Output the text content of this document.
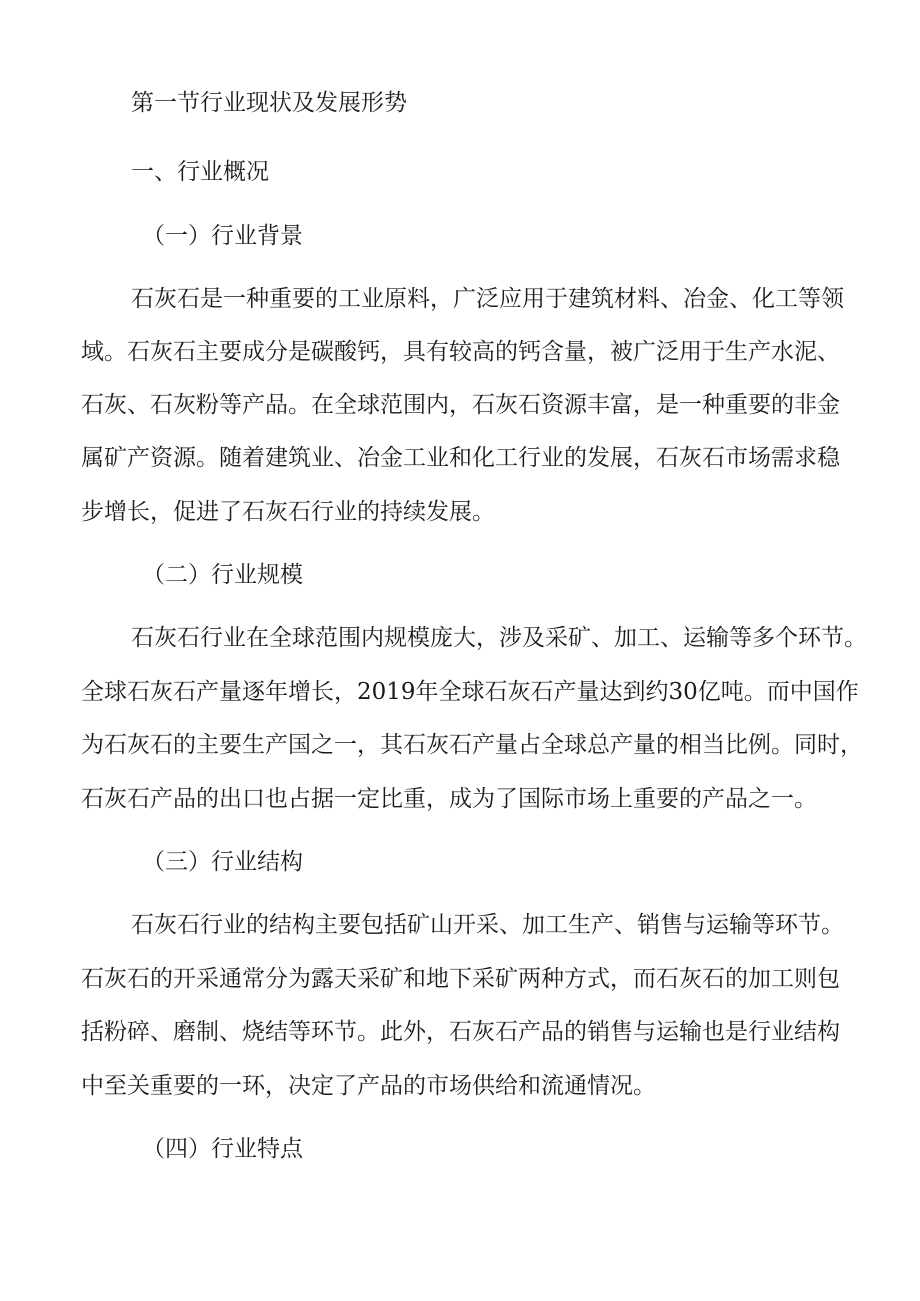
第一节行业现状及发展形势
一、行业概况
（一）行业背景
石灰石是一种重要的工业原料，广泛应用于建筑材料、冶金、化工等领
域。石灰石主要成分是碳酸钙，具有较高的钙含量，被广泛用于生产水泥、
石灰、石灰粉等产品。在全球范围内，石灰石资源丰富，是一种重要的非金
属矿产资源。随着建筑业、冶金工业和化工行业的发展，石灰石市场需求稳
步增长，促进了石灰石行业的持续发展。
（二）行业规模
石灰石行业在全球范围内规模庞大，涉及采矿、加工、运输等多个环节。
全球石灰石产量逐年增长，2019年全球石灰石产量达到约30亿吨。而中国作
为石灰石的主要生产国之一，其石灰石产量占全球总产量的相当比例。同时，
石灰石产品的出口也占据一定比重，成为了国际市场上重要的产品之一。
（三）行业结构
石灰石行业的结构主要包括矿山开采、加工生产、销售与运输等环节。
石灰石的开采通常分为露天采矿和地下采矿两种方式，而石灰石的加工则包
括粉碎、磨制、烧结等环节。此外，石灰石产品的销售与运输也是行业结构
中至关重要的一环，决定了产品的市场供给和流通情况。
（四）行业特点
